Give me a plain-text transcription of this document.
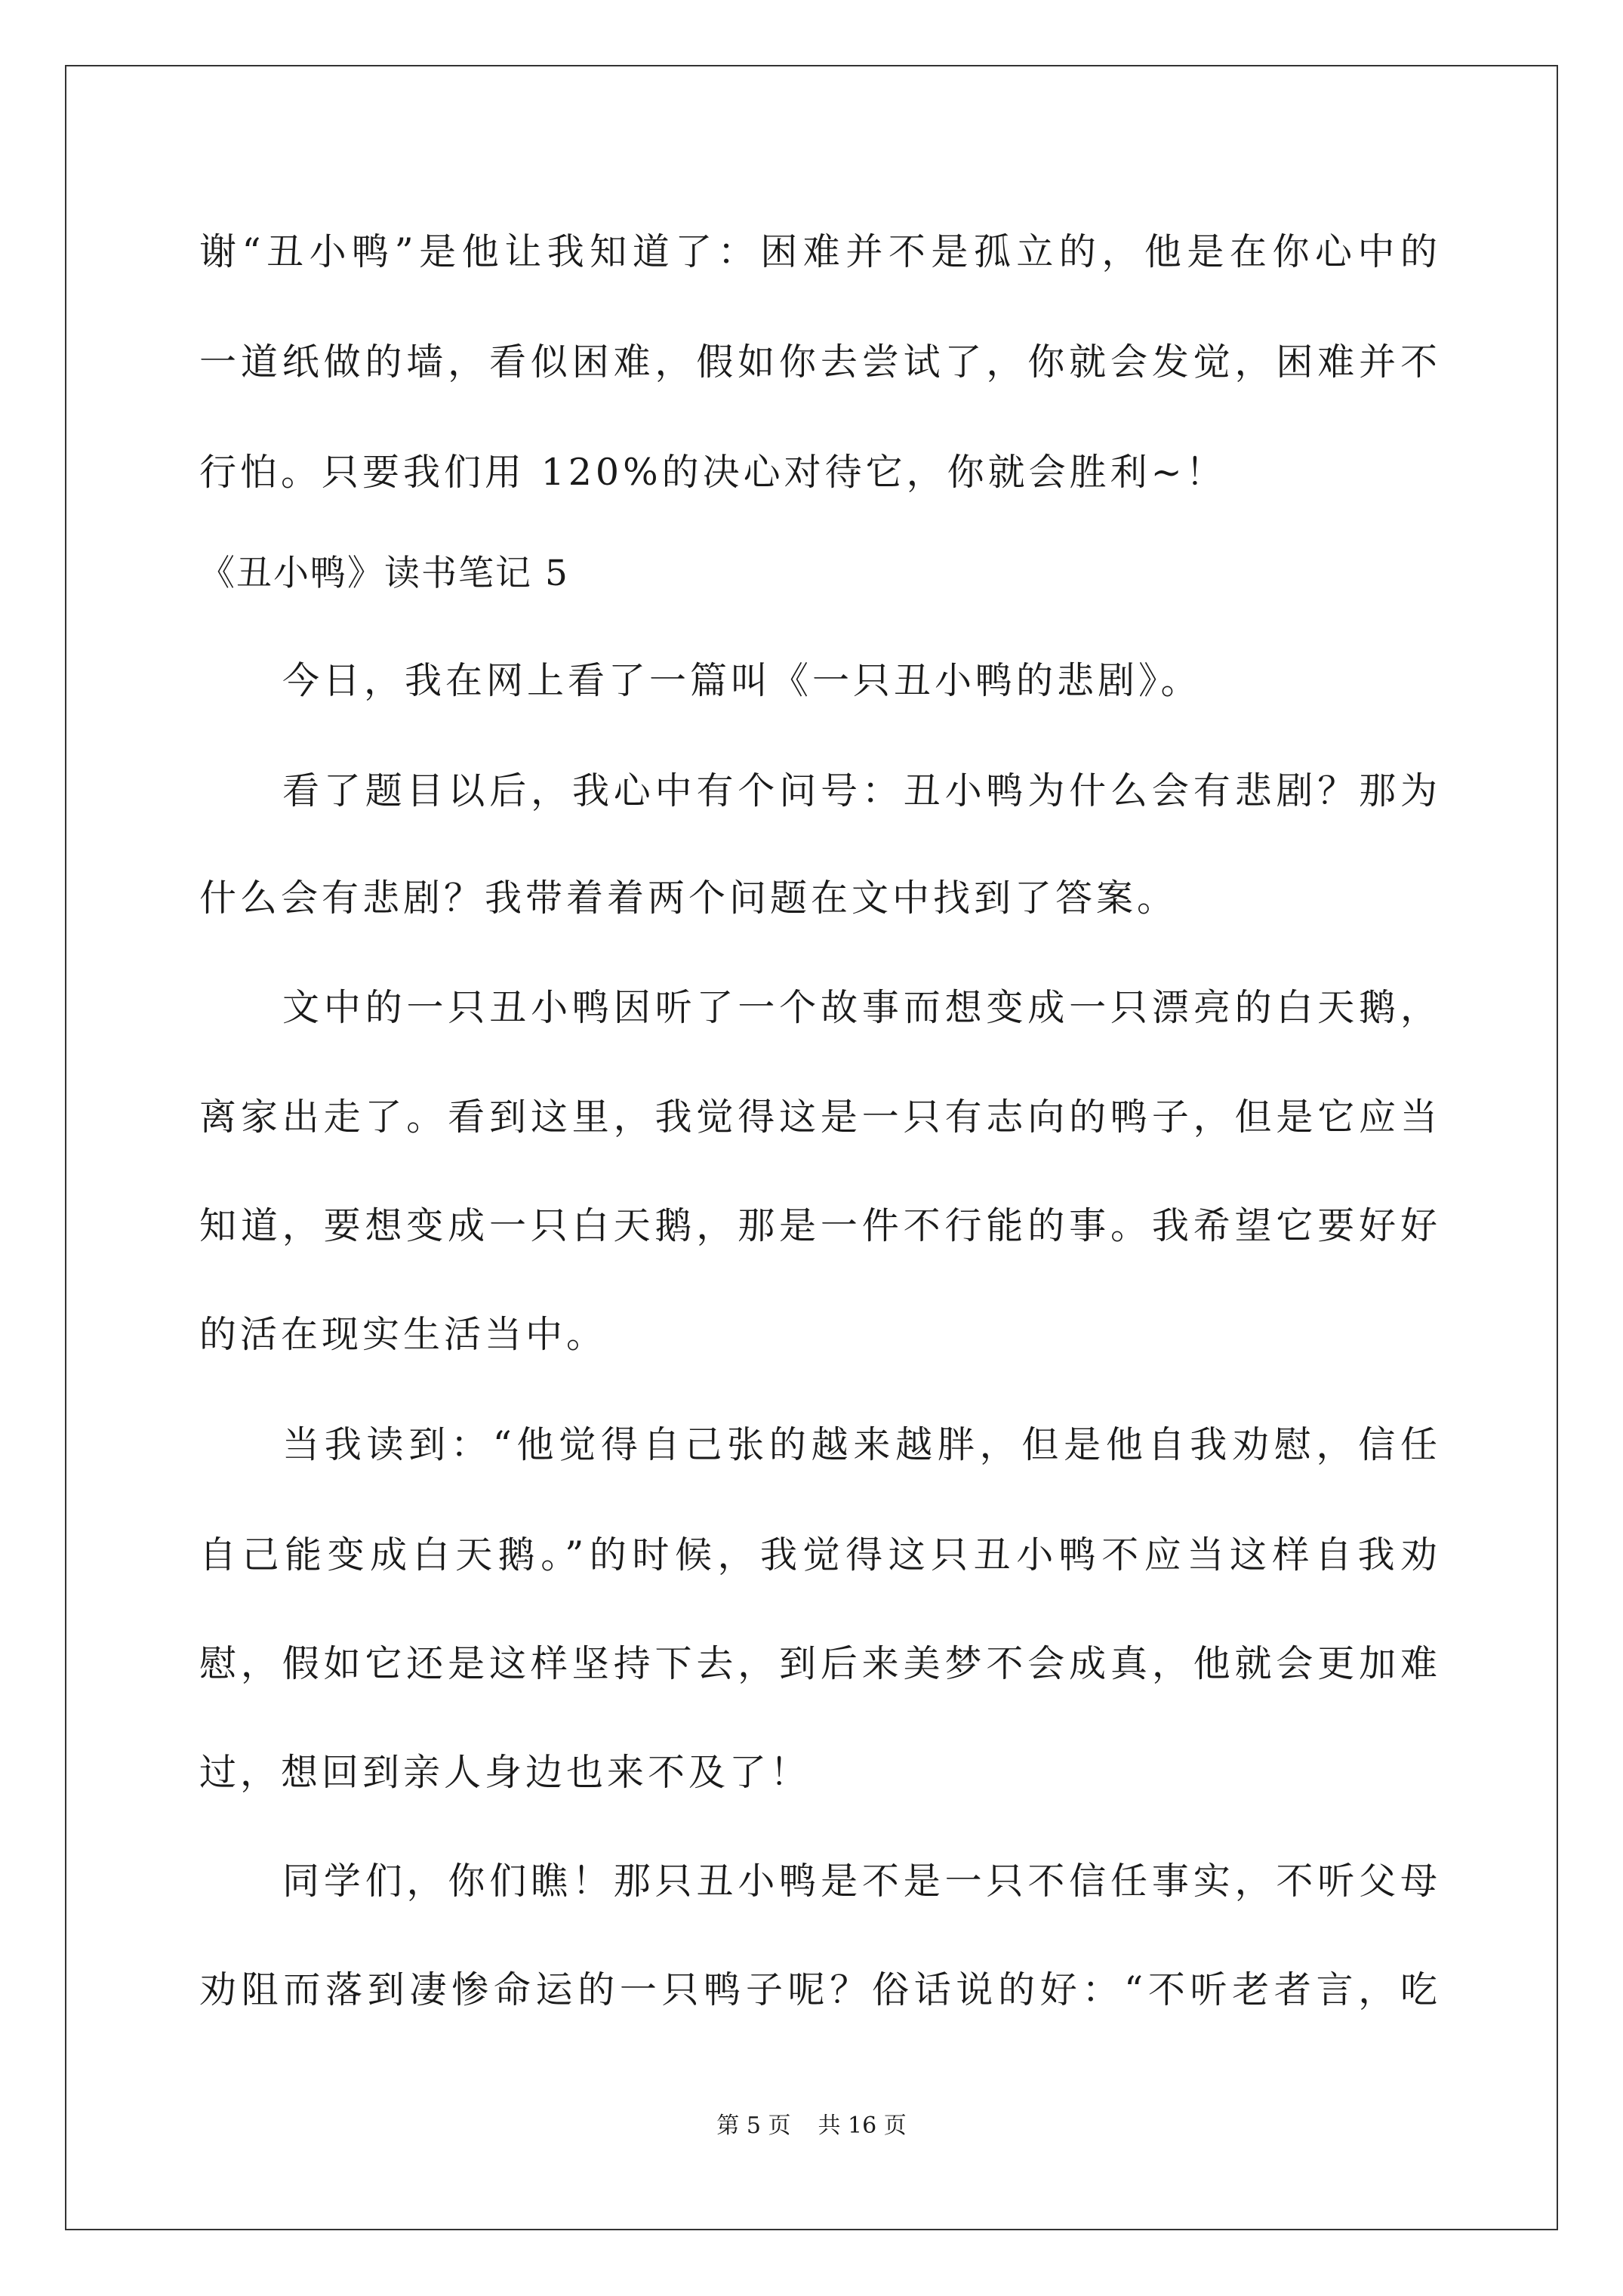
谢“丑小鸭”是他让我知道了：困难并不是孤立的，他是在你心中的
一道纸做的墙，看似困难，假如你去尝试了，你就会发觉，困难并不
行怕。只要我们用 120%的决心对待它，你就会胜利~！
《丑小鸭》读书笔记 5
今日，我在网上看了一篇叫《一只丑小鸭的悲剧》。
看了题目以后，我心中有个问号：丑小鸭为什么会有悲剧？那为
什么会有悲剧？我带着着两个问题在文中找到了答案。
文中的一只丑小鸭因听了一个故事而想变成一只漂亮的白天鹅，
离家出走了。看到这里，我觉得这是一只有志向的鸭子，但是它应当
知道，要想变成一只白天鹅，那是一件不行能的事。我希望它要好好
的活在现实生活当中。
当我读到：“他觉得自己张的越来越胖，但是他自我劝慰，信任
自己能变成白天鹅。”的时候，我觉得这只丑小鸭不应当这样自我劝
慰，假如它还是这样坚持下去，到后来美梦不会成真，他就会更加难
过，想回到亲人身边也来不及了！
同学们，你们瞧！那只丑小鸭是不是一只不信任事实，不听父母
劝阻而落到凄惨命运的一只鸭子呢？俗话说的好：“不听老者言，吃
第 5 页 共 16 页
